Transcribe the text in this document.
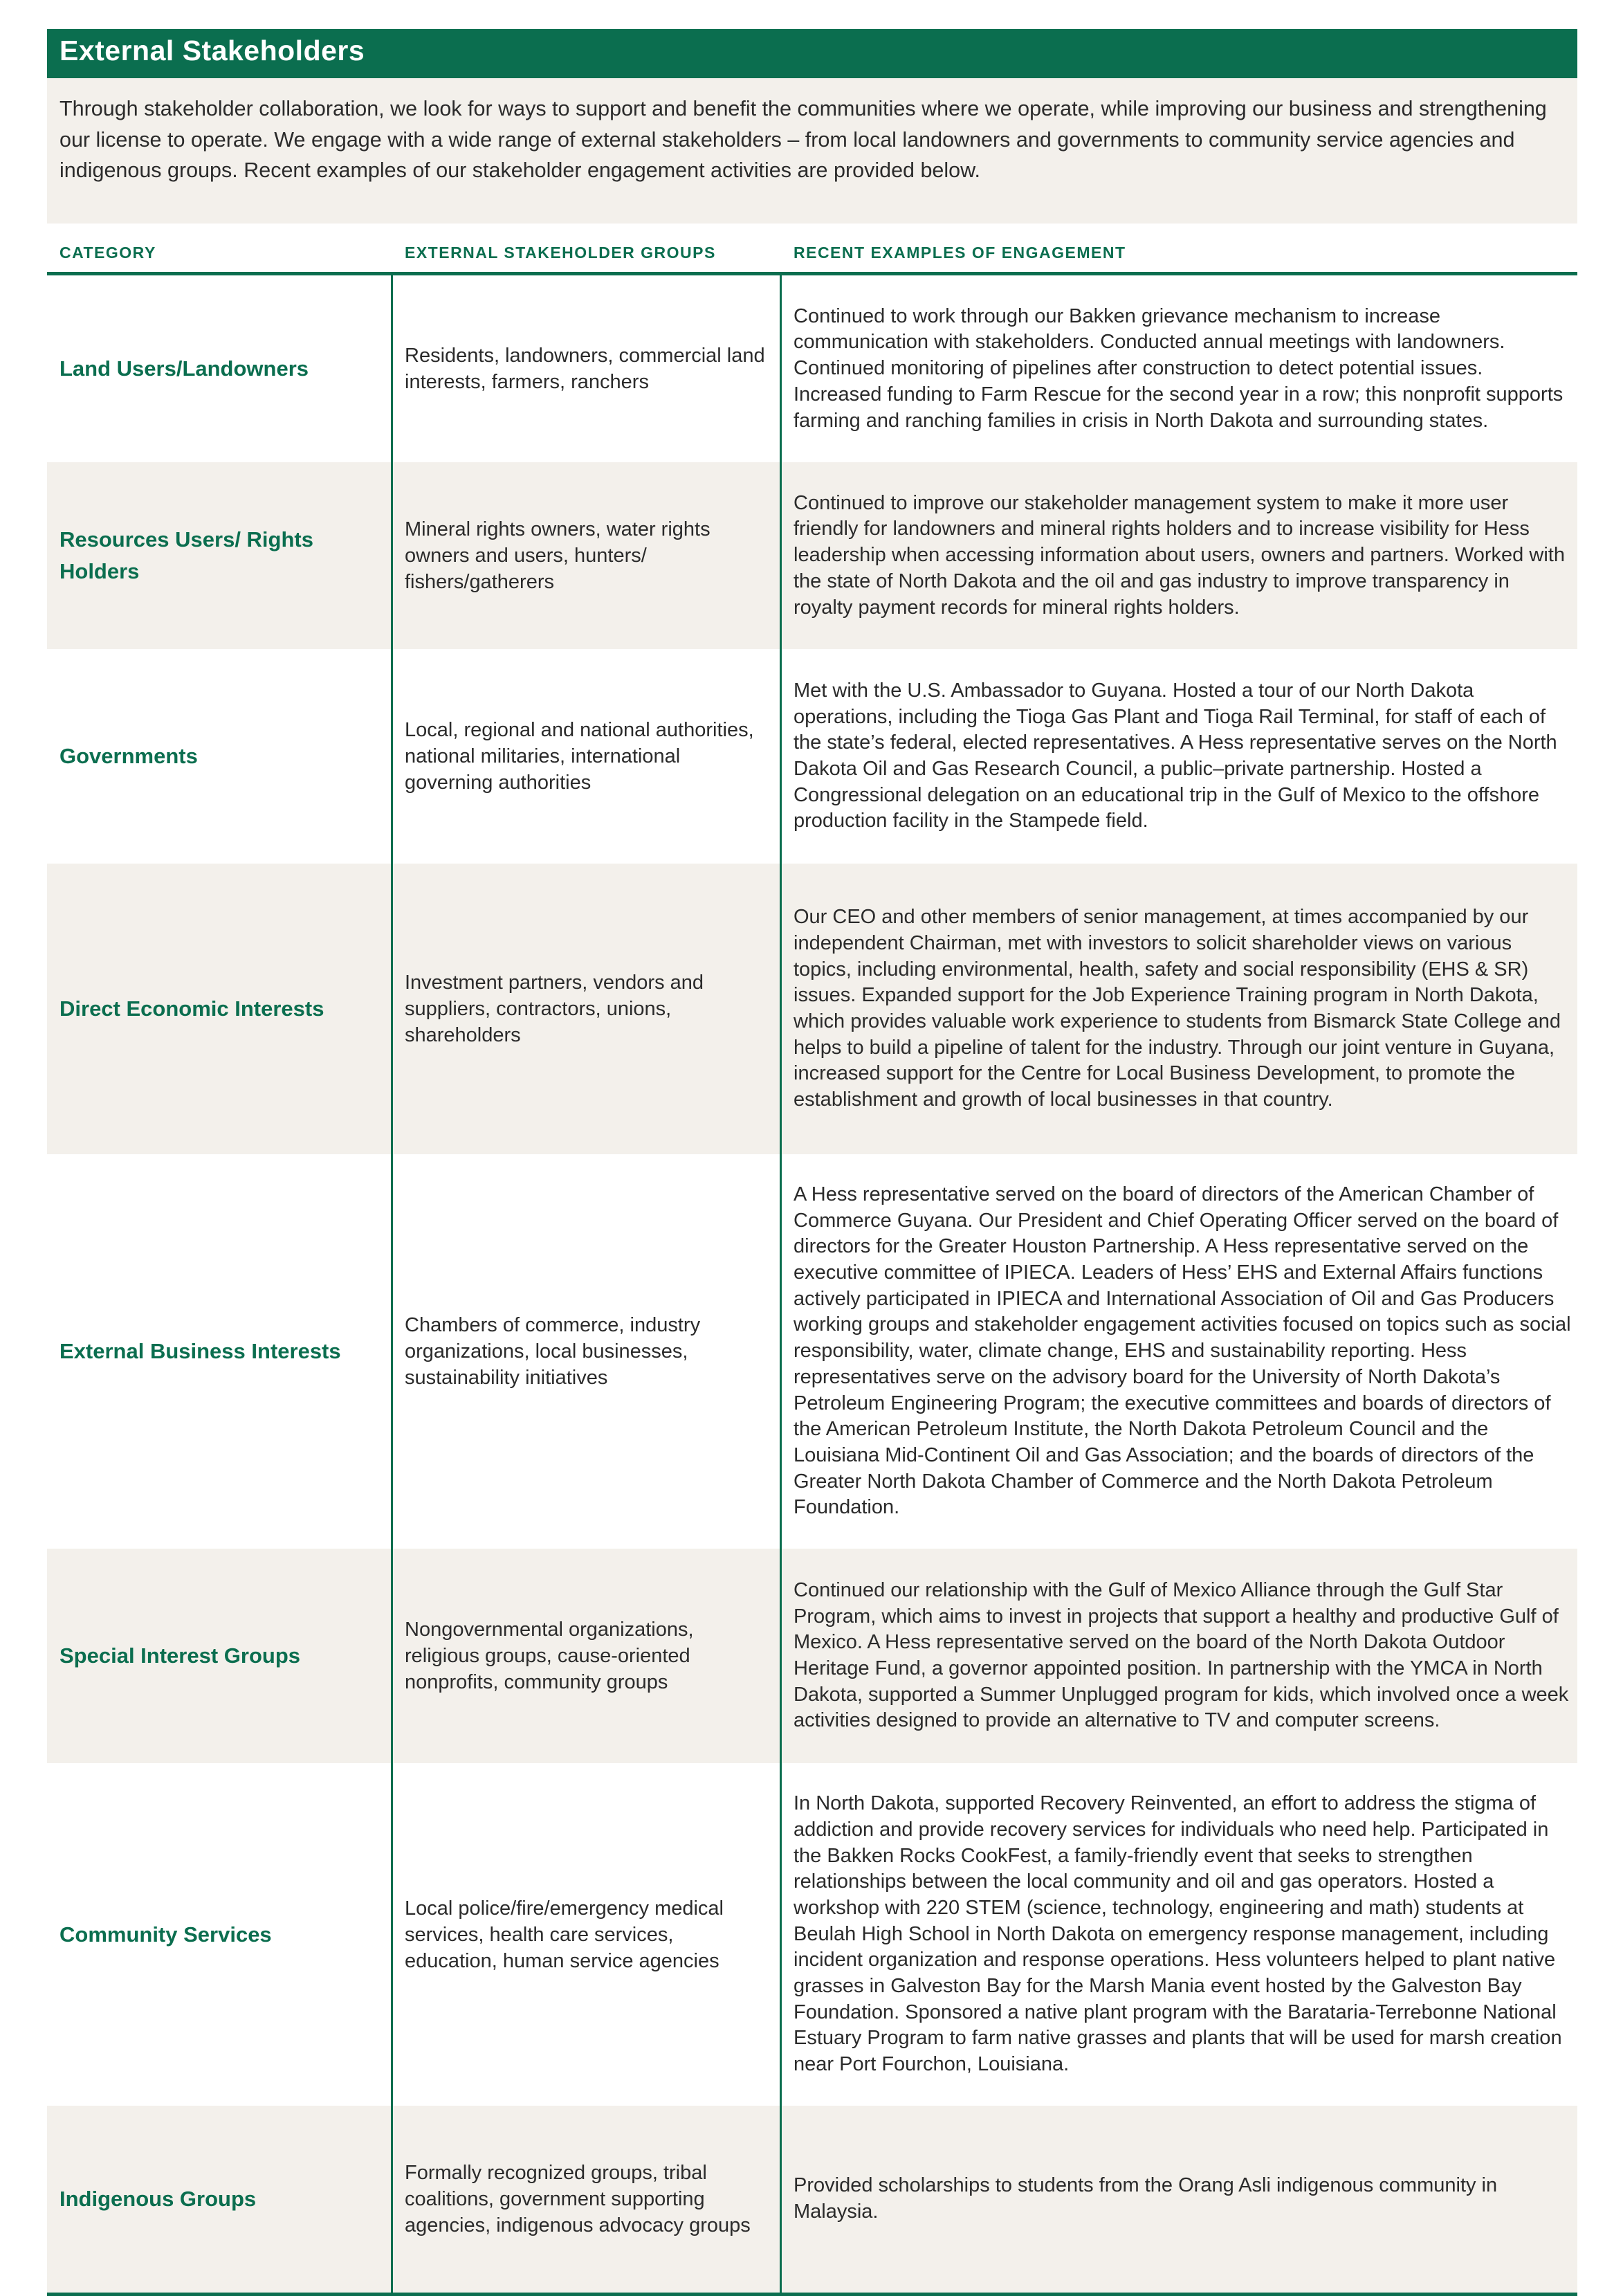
External Stakeholders
Through stakeholder collaboration, we look for ways to support and benefit the communities where we operate, while improving our business and strengthening our license to operate. We engage with a wide range of external stakeholders – from local landowners and governments to community service agencies and indigenous groups. Recent examples of our stakeholder engagement activities are provided below.
CATEGORY	EXTERNAL STAKEHOLDER GROUPS	RECENT EXAMPLES OF ENGAGEMENT
Land Users/Landowners
Residents, landowners, commercial land interests, farmers, ranchers
Continued to work through our Bakken grievance mechanism to increase communication with stakeholders. Conducted annual meetings with landowners. Continued monitoring of pipelines after construction to detect potential issues. Increased funding to Farm Rescue for the second year in a row; this nonprofit supports farming and ranching families in crisis in North Dakota and surrounding states.
Resources Users/ Rights Holders
Mineral rights owners, water rights owners and users, hunters/ fishers/gatherers
Continued to improve our stakeholder management system to make it more user friendly for landowners and mineral rights holders and to increase visibility for Hess leadership when accessing information about users, owners and partners. Worked with the state of North Dakota and the oil and gas industry to improve transparency in royalty payment records for mineral rights holders.
Governments
Local, regional and national authorities, national militaries, international governing authorities
Met with the U.S. Ambassador to Guyana. Hosted a tour of our North Dakota operations, including the Tioga Gas Plant and Tioga Rail Terminal, for staff of each of the state’s federal, elected representatives. A Hess representative serves on the North Dakota Oil and Gas Research Council, a public–private partnership. Hosted a Congressional delegation on an educational trip in the Gulf of Mexico to the offshore production facility in the Stampede field.
Direct Economic Interests
Investment partners, vendors and suppliers, contractors, unions, shareholders
Our CEO and other members of senior management, at times accompanied by our independent Chairman, met with investors to solicit shareholder views on various topics, including environmental, health, safety and social responsibility (EHS & SR) issues. Expanded support for the Job Experience Training program in North Dakota, which provides valuable work experience to students from Bismarck State College and helps to build a pipeline of talent for the industry. Through our joint venture in Guyana, increased support for the Centre for Local Business Development, to promote the establishment and growth of local businesses in that country.
External Business Interests
Chambers of commerce, industry organizations, local businesses, sustainability initiatives
A Hess representative served on the board of directors of the American Chamber of Commerce Guyana. Our President and Chief Operating Officer served on the board of directors for the Greater Houston Partnership. A Hess representative served on the executive committee of IPIECA. Leaders of Hess’ EHS and External Affairs functions actively participated in IPIECA and International Association of Oil and Gas Producers working groups and stakeholder engagement activities focused on topics such as social responsibility, water, climate change, EHS and sustainability reporting. Hess representatives serve on the advisory board for the University of North Dakota’s Petroleum Engineering Program; the executive committees and boards of directors of the American Petroleum Institute, the North Dakota Petroleum Council and the Louisiana Mid-Continent Oil and Gas Association; and the boards of directors of the Greater North Dakota Chamber of Commerce and the North Dakota Petroleum Foundation.
Special Interest Groups
Nongovernmental organizations, religious groups, cause-oriented nonprofits, community groups
Continued our relationship with the Gulf of Mexico Alliance through the Gulf Star Program, which aims to invest in projects that support a healthy and productive Gulf of Mexico. A Hess representative served on the board of the North Dakota Outdoor Heritage Fund, a governor appointed position. In partnership with the YMCA in North Dakota, supported a Summer Unplugged program for kids, which involved once a week activities designed to provide an alternative to TV and computer screens.
Community Services
Local police/fire/emergency medical services, health care services, education, human service agencies
In North Dakota, supported Recovery Reinvented, an effort to address the stigma of addiction and provide recovery services for individuals who need help. Participated in the Bakken Rocks CookFest, a family-friendly event that seeks to strengthen relationships between the local community and oil and gas operators. Hosted a workshop with 220 STEM (science, technology, engineering and math) students at Beulah High School in North Dakota on emergency response management, including incident organization and response operations. Hess volunteers helped to plant native grasses in Galveston Bay for the Marsh Mania event hosted by the Galveston Bay Foundation. Sponsored a native plant program with the Barataria-Terrebonne National Estuary Program to farm native grasses and plants that will be used for marsh creation near Port Fourchon, Louisiana.
Indigenous Groups
Formally recognized groups, tribal coalitions, government supporting agencies, indigenous advocacy groups
Provided scholarships to students from the Orang Asli indigenous community in Malaysia.
